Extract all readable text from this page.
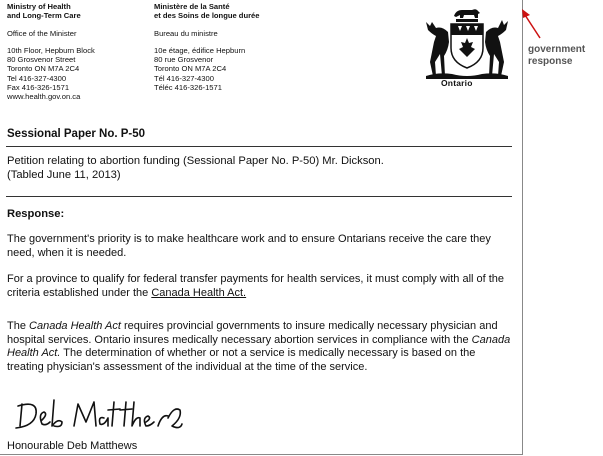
Ministry of Health
and Long-Term Care
Office of the Minister
10th Floor, Hepburn Block
80 Grosvenor Street
Toronto ON M7A 2C4
Tel 416-327-4300
Fax 416-326-1571
www.health.gov.on.ca
Ministère de la Santé
et des Soins de longue durée
Bureau du ministre
10e étage, édifice Hepburn
80 rue Grosvenor
Toronto ON M7A 2C4
Tél 416-327-4300
Téléc 416-326-1571	Ontario
Sessional Paper No. P-50
Petition relating to abortion funding (Sessional Paper No. P-50) Mr. Dickson.
(Tabled June 11, 2013)
Response:
The government's priority is to make healthcare work and to ensure Ontarians receive the care they need, when it is needed.
For a province to qualify for federal transfer payments for health services, it must comply with all of the criteria established under the Canada Health Act.
The Canada Health Act requires provincial governments to insure medically necessary physician and hospital services. Ontario insures medically necessary abortion services in compliance with the Canada Health Act. The determination of whether or not a service is medically necessary is based on the treating physician's assessment of the individual at the time of the service.
Honourable Deb Matthews
government
response
